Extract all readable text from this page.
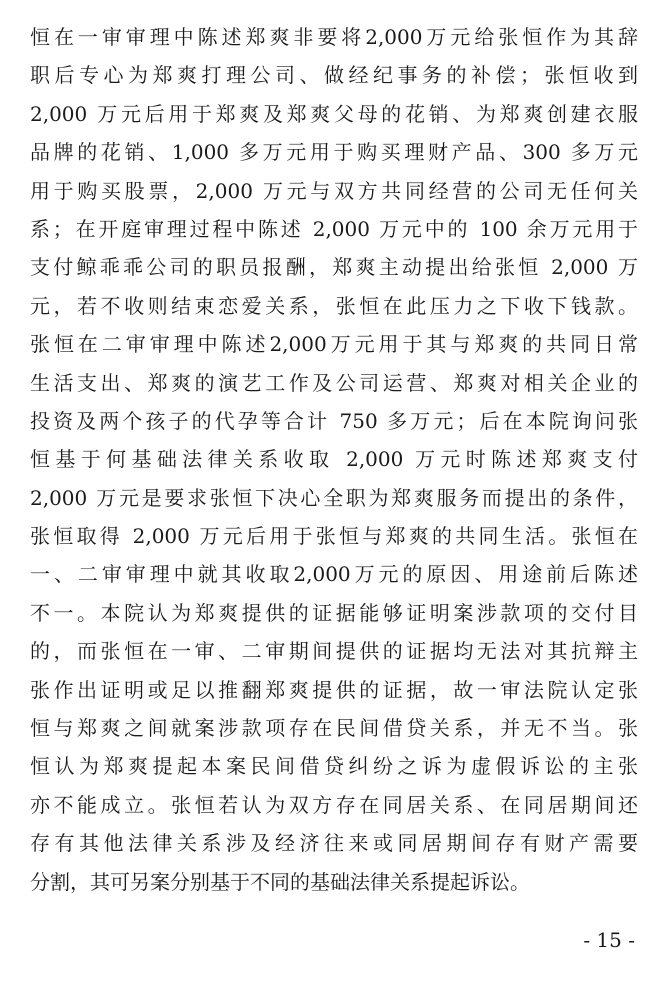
恒在一审审理中陈述郑爽非要将2,000万元给张恒作为其辞
职后专心为郑爽打理公司、做经纪事务的补偿；张恒收到
2,000 万元后用于郑爽及郑爽父母的花销、为郑爽创建衣服
品牌的花销、1,000 多万元用于购买理财产品、300 多万元
用于购买股票，2,000 万元与双方共同经营的公司无任何关
系；在开庭审理过程中陈述 2,000 万元中的 100 余万元用于
支付鲸乖乖公司的职员报酬，郑爽主动提出给张恒 2,000 万
元，若不收则结束恋爱关系，张恒在此压力之下收下钱款。
张恒在二审审理中陈述2,000万元用于其与郑爽的共同日常
生活支出、郑爽的演艺工作及公司运营、郑爽对相关企业的
投资及两个孩子的代孕等合计 750 多万元；后在本院询问张
恒基于何基础法律关系收取 2,000 万元时陈述郑爽支付
2,000 万元是要求张恒下决心全职为郑爽服务而提出的条件，
张恒取得 2,000 万元后用于张恒与郑爽的共同生活。张恒在
一、二审审理中就其收取2,000万元的原因、用途前后陈述
不一。本院认为郑爽提供的证据能够证明案涉款项的交付目
的，而张恒在一审、二审期间提供的证据均无法对其抗辩主
张作出证明或足以推翻郑爽提供的证据，故一审法院认定张
恒与郑爽之间就案涉款项存在民间借贷关系，并无不当。张
恒认为郑爽提起本案民间借贷纠纷之诉为虚假诉讼的主张
亦不能成立。张恒若认为双方存在同居关系、在同居期间还
存有其他法律关系涉及经济往来或同居期间存有财产需要
分割，其可另案分别基于不同的基础法律关系提起诉讼。
- 15 -
